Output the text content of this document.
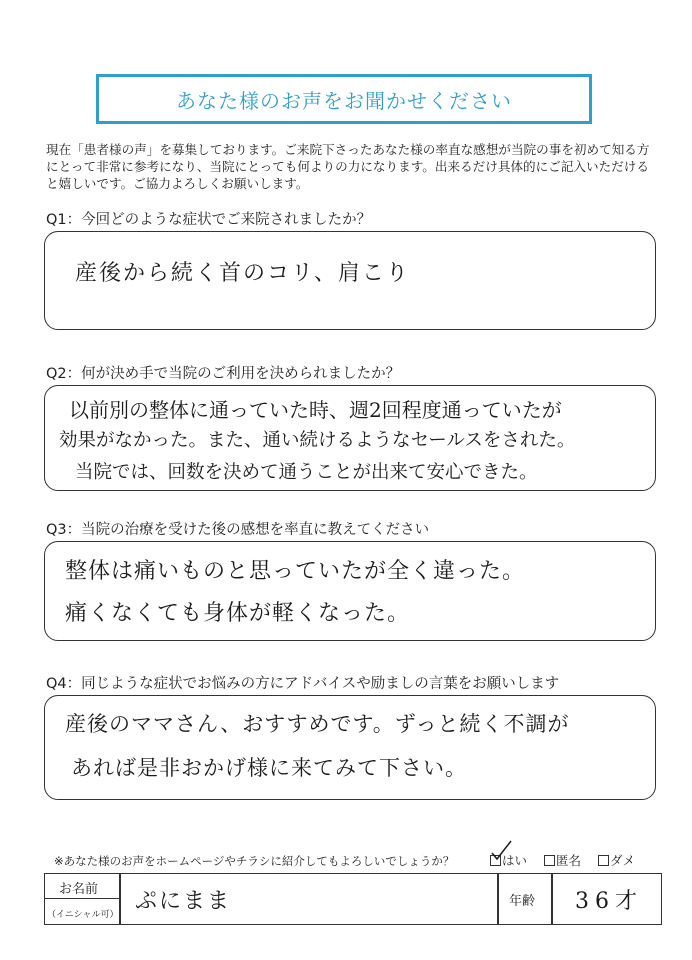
あなた様のお声をお聞かせください
現在「患者様の声」を募集しております。ご来院下さったあなた様の率直な感想が当院の事を初めて知る方にとって非常に参考になり、当院にとっても何よりの力になります。出来るだけ具体的にご記入いただけると嬉しいです。ご協力よろしくお願いします。
Q1：今回どのような症状でご来院されましたか？
産後から続く首のコリ、肩こり
Q2：何が決め手で当院のご利用を決められましたか？
以前別の整体に通っていた時、週2回程度通っていたが
効果がなかった。また、通い続けるようなセールスをされた。
当院では、回数を決めて通うことが出来て安心できた。
Q3：当院の治療を受けた後の感想を率直に教えてください
整体は痛いものと思っていたが全く違った。
痛くなくても身体が軽くなった。
Q4：同じような症状でお悩みの方にアドバイスや励ましの言葉をお願いします
産後のママさん、おすすめです。ずっと続く不調が
あれば是非おかげ様に来てみて下さい。
※あなた様のお声をホームページやチラシに紹介してもよろしいでしょうか？	はい	匿名	ダメ
お名前
（イニシャル可）
ぷにまま	年齢 36才
